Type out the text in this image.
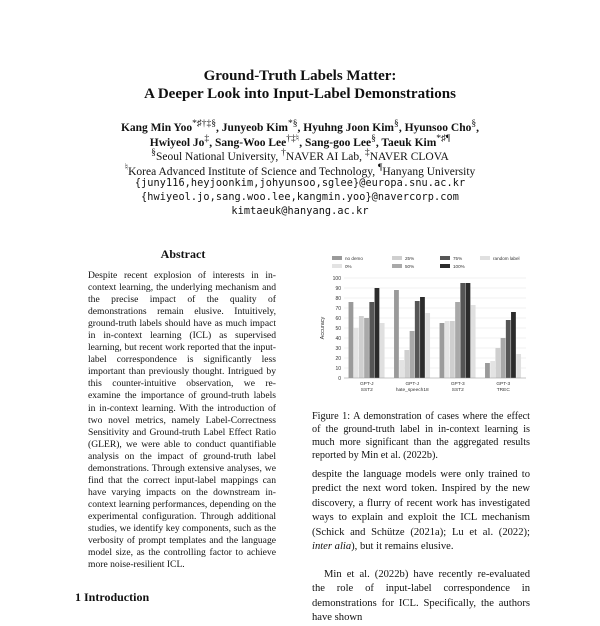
Ground-Truth Labels Matter:
A Deeper Look into Input-Label Demonstrations
Kang Min Yoo*♯†‡§, Junyeob Kim*§, Hyuhng Joon Kim§, Hyunsoo Cho§,
Hwiyeol Jo‡, Sang-Woo Lee†‡♮, Sang-goo Lee§, Taeuk Kim*♯¶
§Seoul National University, †NAVER AI Lab, ‡NAVER CLOVA
♮Korea Advanced Institute of Science and Technology, ¶Hanyang University
{juny116,heyjoonkim,johyunsoo,sglee}@europa.snu.ac.kr
{hwiyeol.jo,sang.woo.lee,kangmin.yoo}@navercorp.com
kimtaeuk@hanyang.ac.kr
Abstract
Despite recent explosion of interests in in-context learning, the underlying mechanism and the precise impact of the quality of demonstrations remain elusive. Intuitively, ground-truth labels should have as much impact in in-context learning (ICL) as supervised learning, but recent work reported that the input-label correspondence is significantly less important than previously thought. Intrigued by this counter-intuitive observation, we re-examine the importance of ground-truth labels in in-context learning. With the introduction of two novel metrics, namely Label-Correctness Sensitivity and Ground-truth Label Effect Ratio (GLER), we were able to conduct quantifiable analysis on the impact of ground-truth label demonstrations. Through extensive analyses, we find that the correct input-label mappings can have varying impacts on the downstream in-context learning performances, depending on the experimental configuration. Through additional studies, we identify key components, such as the verbosity of prompt templates and the language model size, as the controlling factor to achieve more noise-resilient ICL.
no demo
0%
25%
50%
75%
100%
random label
0
10
20
30
40
50
60
70
80
90
100
Accuracy
GPT-J
SST2
GPT-J
hate_speech18
GPT-3
SST2
GPT-3
TREC
Figure 1: A demonstration of cases where the effect of the ground-truth label in in-context learning is much more significant than the aggregated results reported by Min et al. (2022b).
despite the language models were only trained to predict the next word token. Inspired by the new discovery, a flurry of recent work has investigated ways to explain and exploit the ICL mechanism (Schick and Schütze (2021a); Lu et al. (2022); inter alia), but it remains elusive.
Min et al. (2022b) have recently re-evaluated the role of input-label correspondence in demonstrations for ICL. Specifically, the authors have shown
1 Introduction
